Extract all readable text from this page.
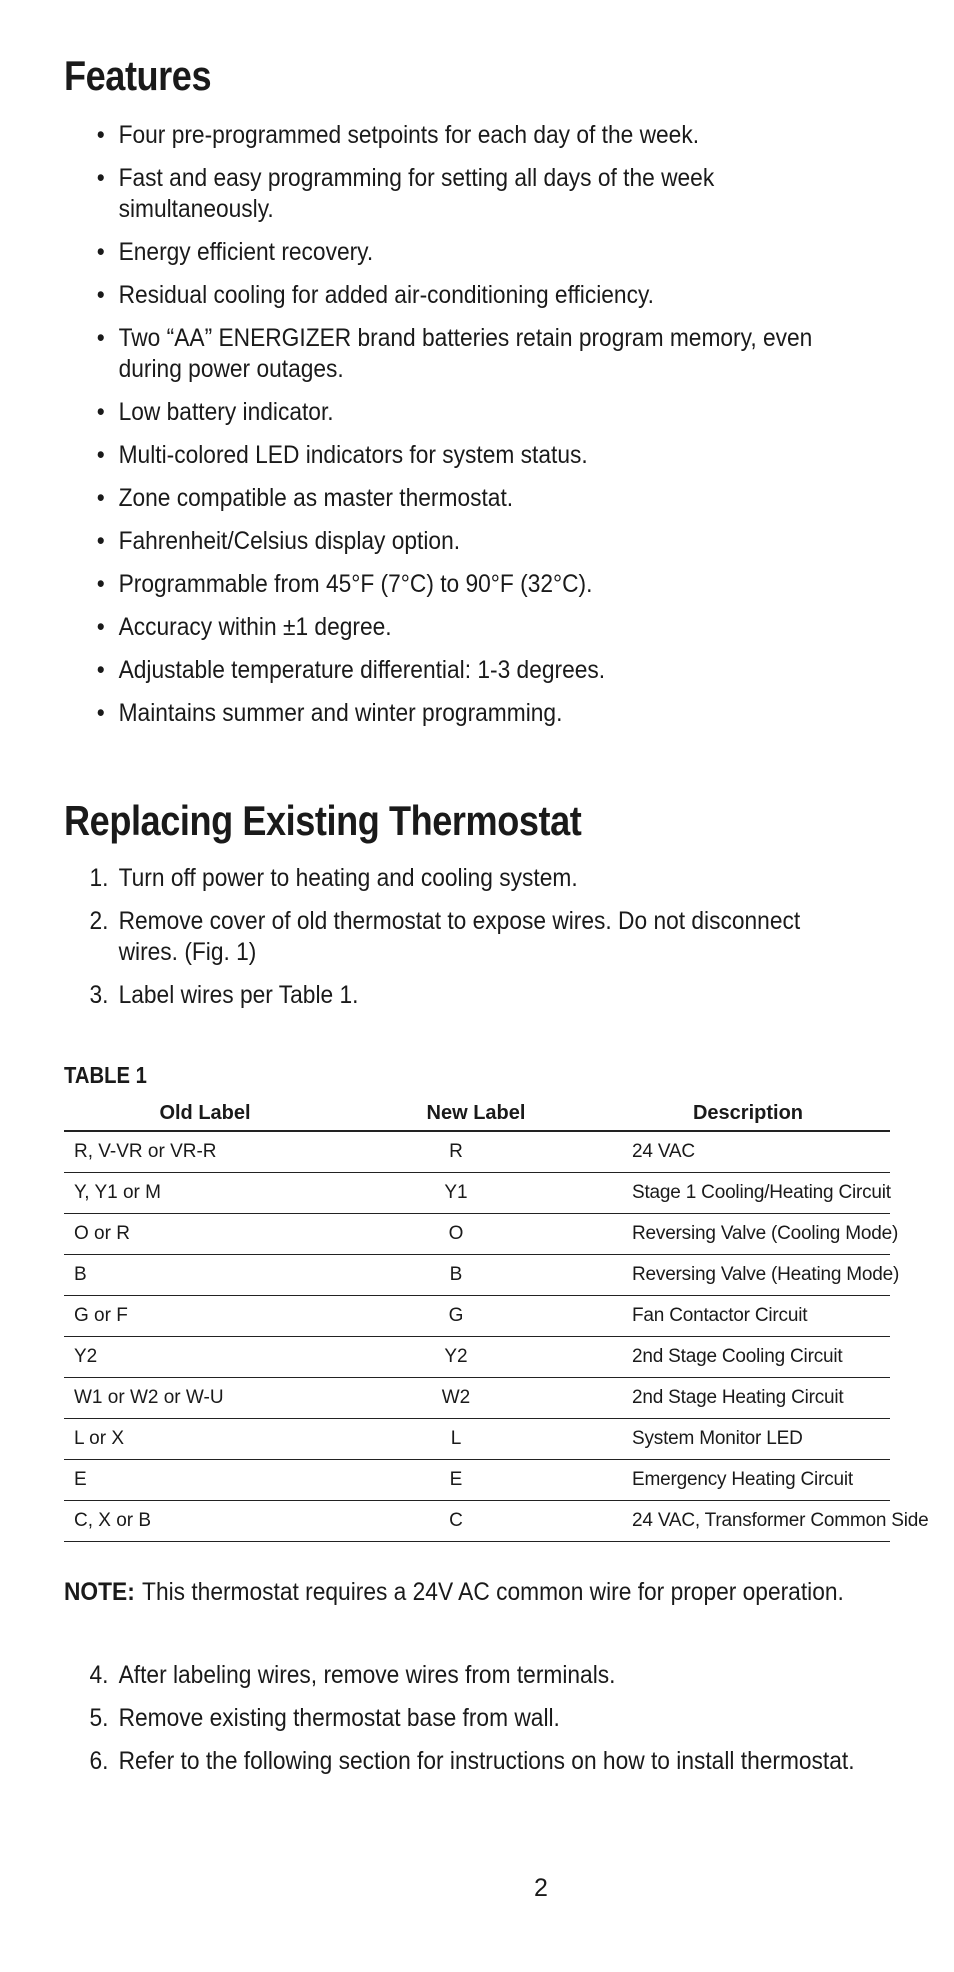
Features
• Four pre-programmed setpoints for each day of the week.
• Fast and easy programming for setting all days of the week simultaneously.
• Energy efficient recovery.
• Residual cooling for added air-conditioning efficiency.
• Two “AA” ENERGIZER brand batteries retain program memory, even during power outages.
• Low battery indicator.
• Multi-colored LED indicators for system status.
• Zone compatible as master thermostat.
• Fahrenheit/Celsius display option.
• Programmable from 45°F (7°C) to 90°F (32°C).
• Accuracy within ±1 degree.
• Adjustable temperature differential: 1-3 degrees.
• Maintains summer and winter programming.
Replacing Existing Thermostat
1. Turn off power to heating and cooling system.
2. Remove cover of old thermostat to expose wires. Do not disconnect wires. (Fig. 1)
3. Label wires per Table 1.
TABLE 1
Old Label	New Label	Description
R, V-VR or VR-R	R	24 VAC
Y, Y1 or M	Y1	Stage 1 Cooling/Heating Circuit
O or R	O	Reversing Valve (Cooling Mode)
B	B	Reversing Valve (Heating Mode)
G or F	G	Fan Contactor Circuit
Y2	Y2	2nd Stage Cooling Circuit
W1 or W2 or W-U	W2	2nd Stage Heating Circuit
L or X	L	System Monitor LED
E	E	Emergency Heating Circuit
C, X or B	C	24 VAC, Transformer Common Side
NOTE: This thermostat requires a 24V AC common wire for proper operation.
4. After labeling wires, remove wires from terminals.
5. Remove existing thermostat base from wall.
6. Refer to the following section for instructions on how to install thermostat.
2
